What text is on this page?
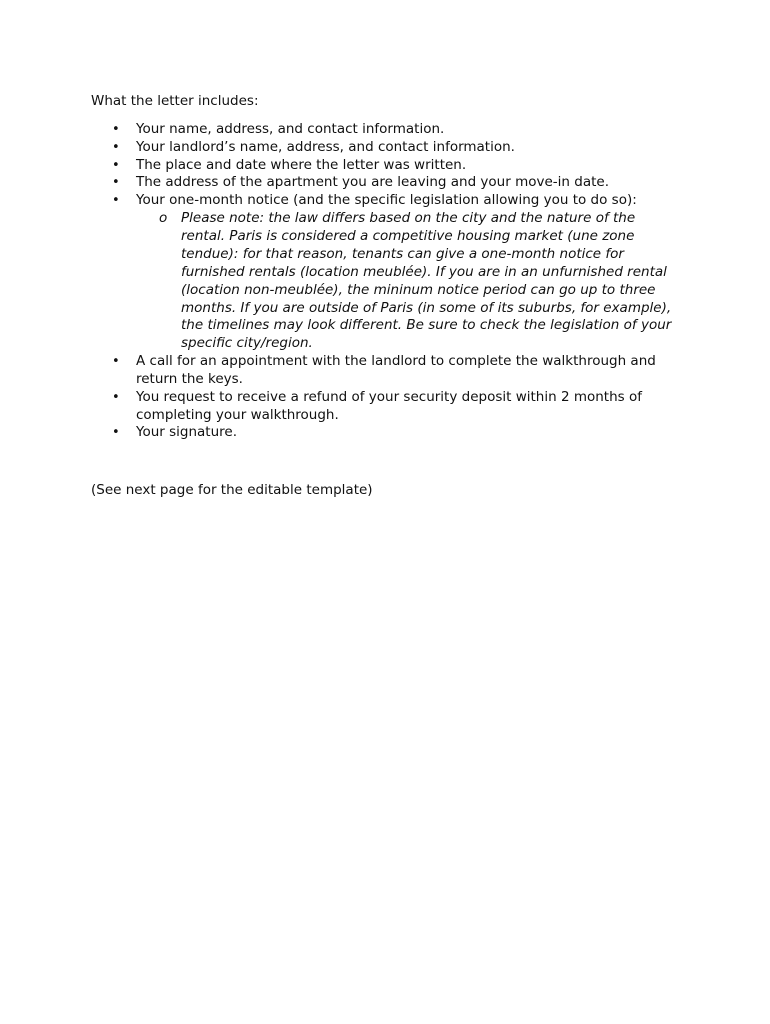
What the letter includes:
• Your name, address, and contact information.
• Your landlord’s name, address, and contact information.
• The place and date where the letter was written.
• The address of the apartment you are leaving and your move-in date.
• Your one-month notice (and the specific legislation allowing you to do so):
o Please note: the law differs based on the city and the nature of the rental. Paris is considered a competitive housing market (une zone tendue): for that reason, tenants can give a one-month notice for furnished rentals (location meublée). If you are in an unfurnished rental (location non-meublée), the mininum notice period can go up to three months. If you are outside of Paris (in some of its suburbs, for example), the timelines may look different. Be sure to check the legislation of your specific city/region.
• A call for an appointment with the landlord to complete the walkthrough and return the keys.
• You request to receive a refund of your security deposit within 2 months of completing your walkthrough.
• Your signature.
(See next page for the editable template)
